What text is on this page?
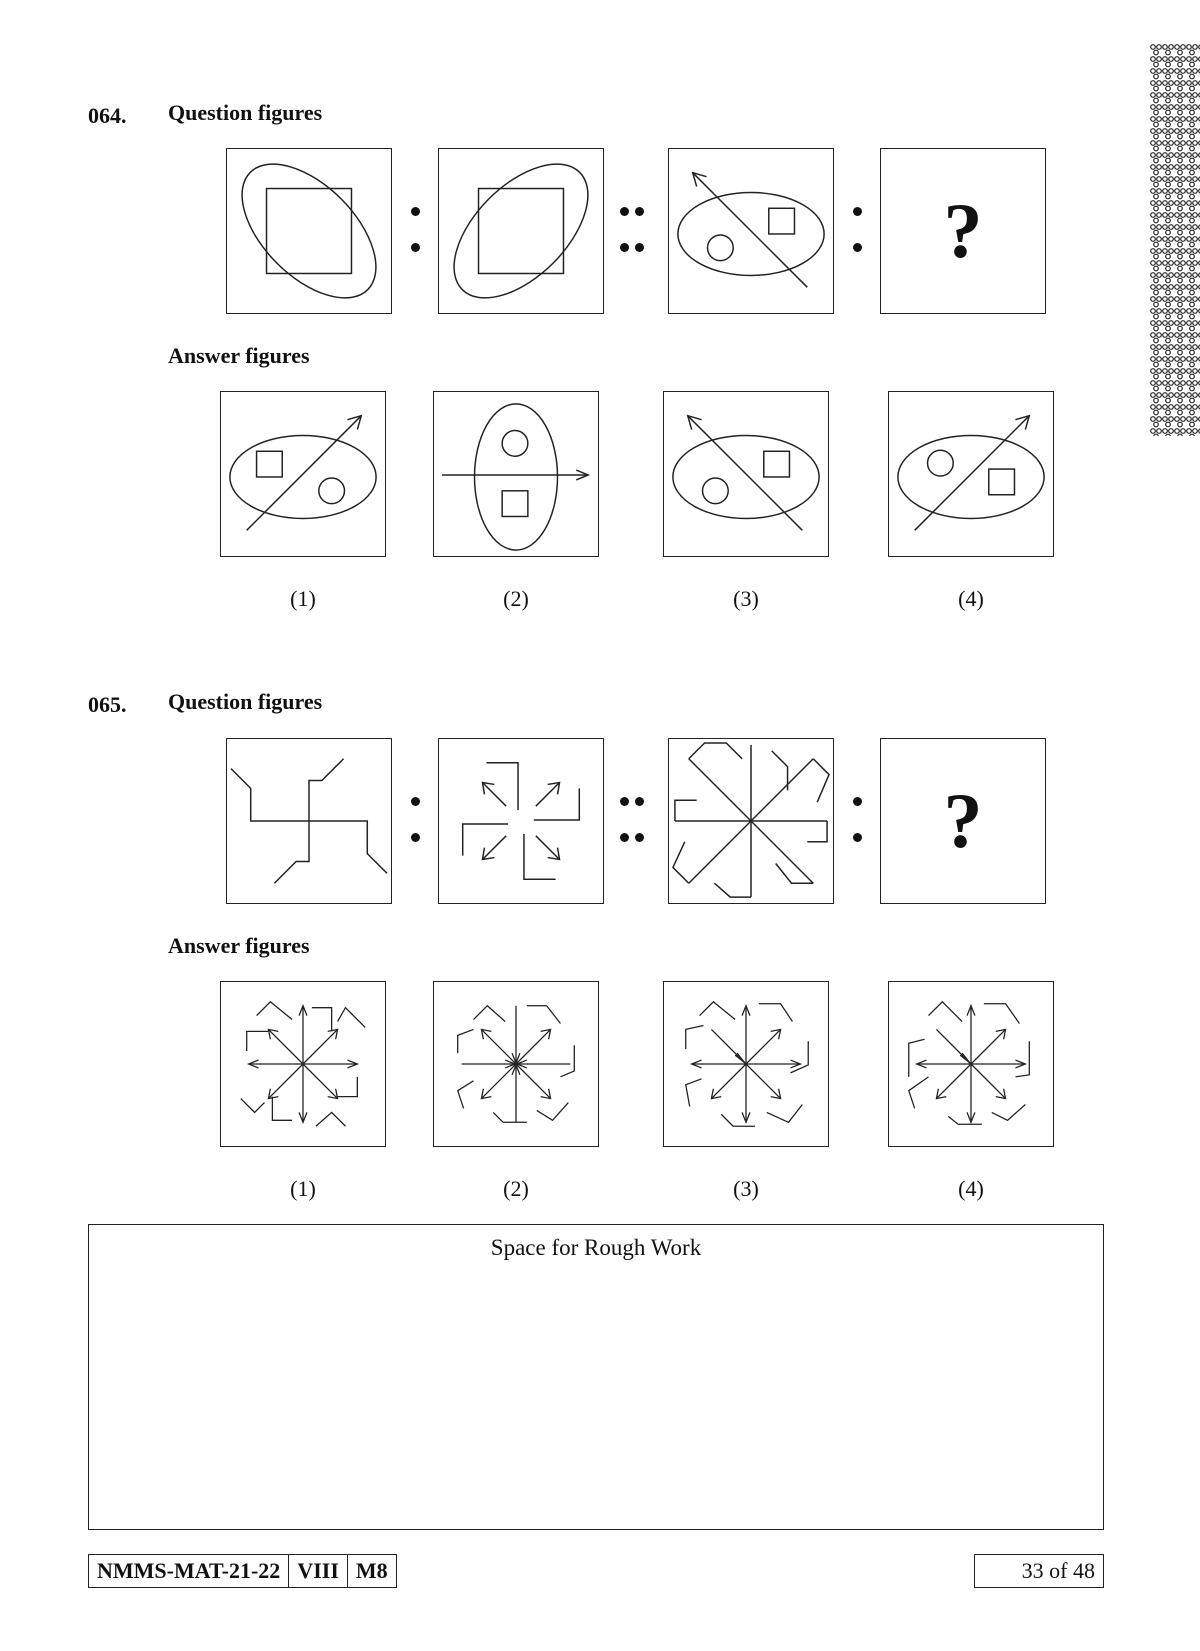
064. Question figures
?
Answer figures
(1)	(2)	(3)	(4)
065. Question figures
?
Answer figures
(1)	(2)	(3)	(4)
Space for Rough Work
NMMS-MAT-21-22 VIII M8	33 of 48
